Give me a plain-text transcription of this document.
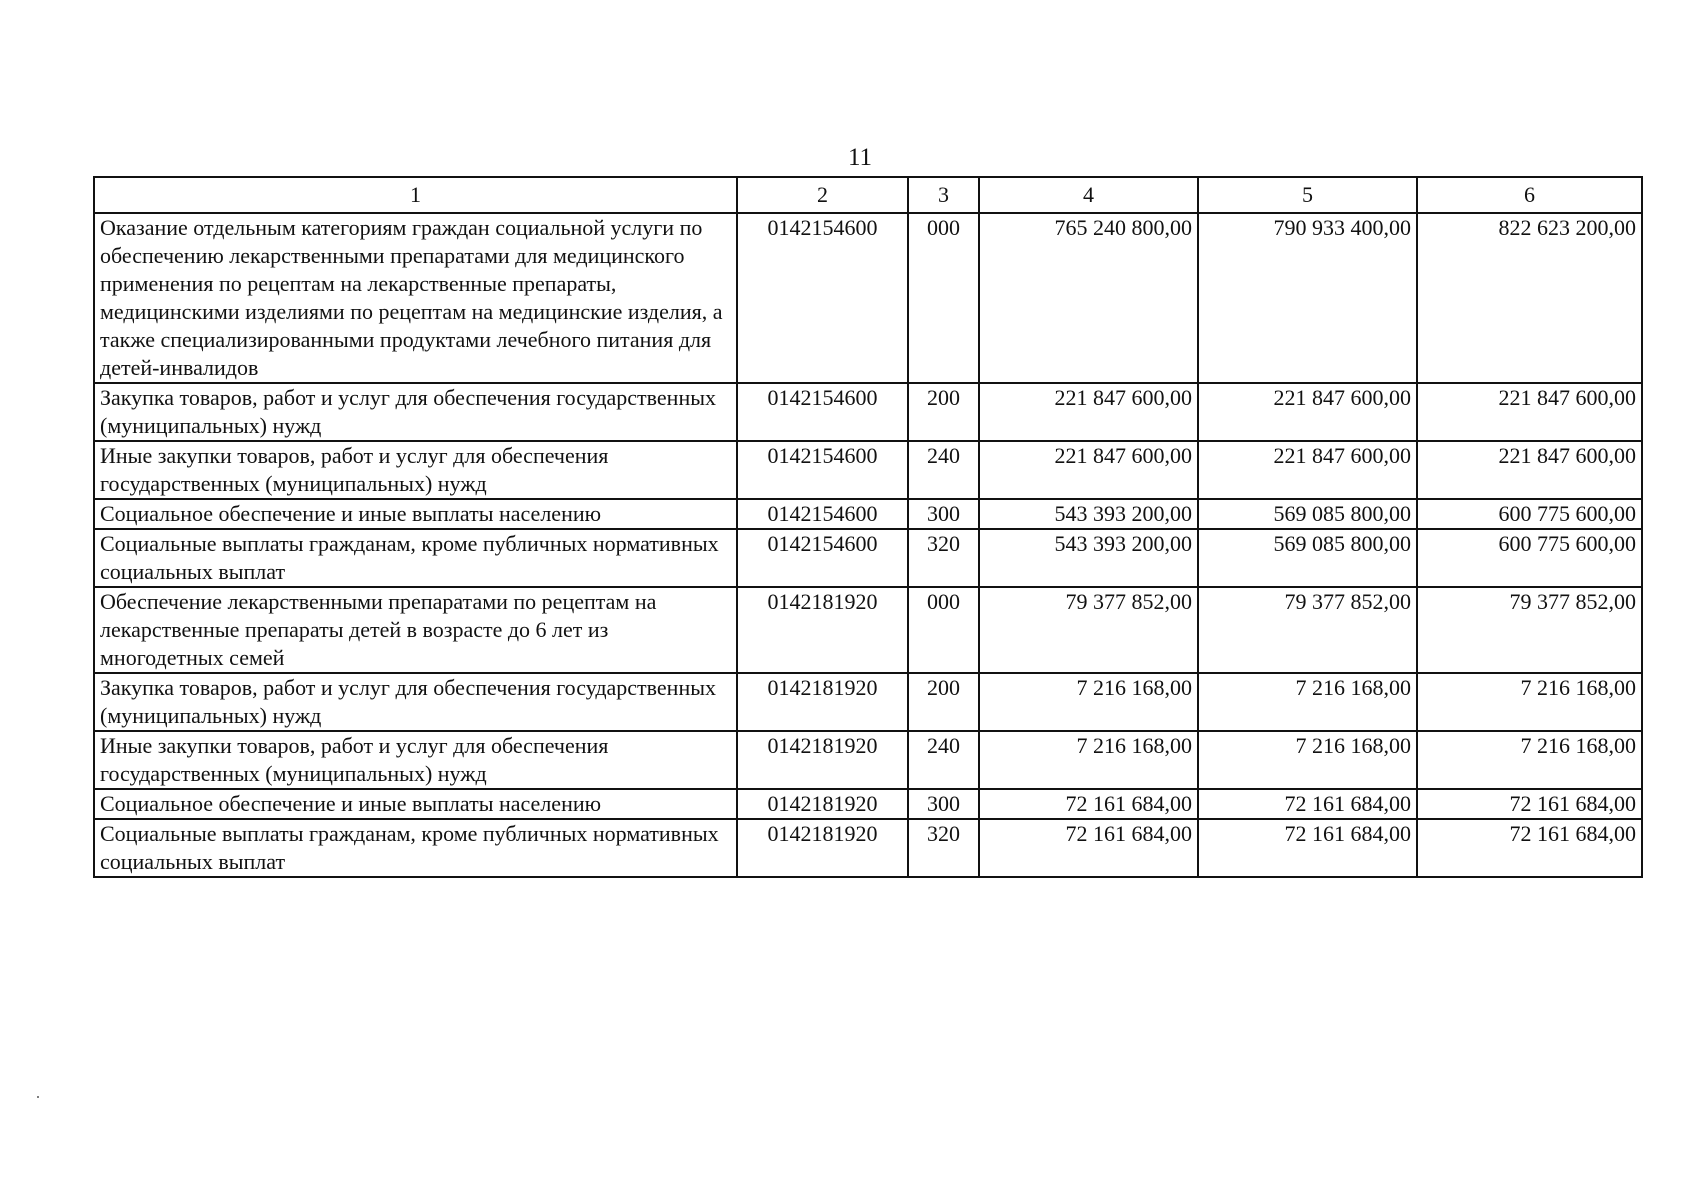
11
1	2	3	4	5	6
Оказание отдельным категориям граждан социальной услуги по обеспечению лекарственными препаратами для медицинского применения по рецептам на лекарственные препараты, медицинскими изделиями по рецептам на медицинские изделия, а также специализированными продуктами лечебного питания для детей-инвалидов	0142154600	000	765 240 800,00	790 933 400,00	822 623 200,00
Закупка товаров, работ и услуг для обеспечения государственных (муниципальных) нужд	0142154600	200	221 847 600,00	221 847 600,00	221 847 600,00
Иные закупки товаров, работ и услуг для обеспечения государственных (муниципальных) нужд	0142154600	240	221 847 600,00	221 847 600,00	221 847 600,00
Социальное обеспечение и иные выплаты населению	0142154600	300	543 393 200,00	569 085 800,00	600 775 600,00
Социальные выплаты гражданам, кроме публичных нормативных социальных выплат	0142154600	320	543 393 200,00	569 085 800,00	600 775 600,00
Обеспечение лекарственными препаратами по рецептам на лекарственные препараты детей в возрасте до 6 лет из многодетных семей	0142181920	000	79 377 852,00	79 377 852,00	79 377 852,00
Закупка товаров, работ и услуг для обеспечения государственных (муниципальных) нужд	0142181920	200	7 216 168,00	7 216 168,00	7 216 168,00
Иные закупки товаров, работ и услуг для обеспечения государственных (муниципальных) нужд	0142181920	240	7 216 168,00	7 216 168,00	7 216 168,00
Социальное обеспечение и иные выплаты населению	0142181920	300	72 161 684,00	72 161 684,00	72 161 684,00
Социальные выплаты гражданам, кроме публичных нормативных социальных выплат	0142181920	320	72 161 684,00	72 161 684,00	72 161 684,00
